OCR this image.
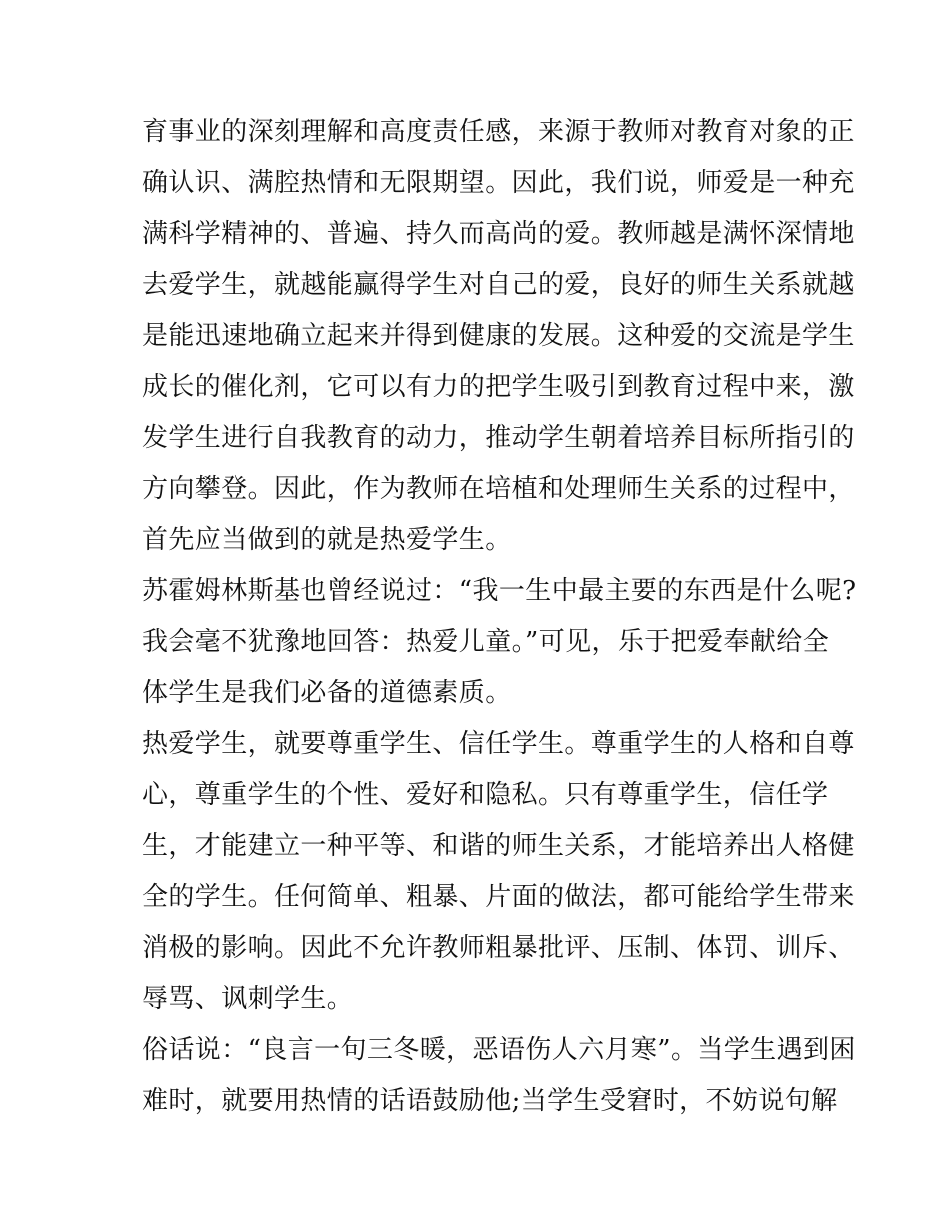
育事业的深刻理解和高度责任感，来源于教师对教育对象的正
确认识、满腔热情和无限期望。因此，我们说，师爱是一种充
满科学精神的、普遍、持久而高尚的爱。教师越是满怀深情地
去爱学生，就越能赢得学生对自己的爱，良好的师生关系就越
是能迅速地确立起来并得到健康的发展。这种爱的交流是学生
成长的催化剂，它可以有力的把学生吸引到教育过程中来，激
发学生进行自我教育的动力，推动学生朝着培养目标所指引的
方向攀登。因此，作为教师在培植和处理师生关系的过程中，
首先应当做到的就是热爱学生。
苏霍姆林斯基也曾经说过：“我一生中最主要的东西是什么呢?
我会毫不犹豫地回答：热爱儿童。”可见，乐于把爱奉献给全
体学生是我们必备的道德素质。
热爱学生，就要尊重学生、信任学生。尊重学生的人格和自尊
心，尊重学生的个性、爱好和隐私。只有尊重学生，信任学
生，才能建立一种平等、和谐的师生关系，才能培养出人格健
全的学生。任何简单、粗暴、片面的做法，都可能给学生带来
消极的影响。因此不允许教师粗暴批评、压制、体罚、训斥、
辱骂、讽刺学生。
俗话说：“良言一句三冬暖，恶语伤人六月寒”。当学生遇到困
难时，就要用热情的话语鼓励他;当学生受窘时，不妨说句解
